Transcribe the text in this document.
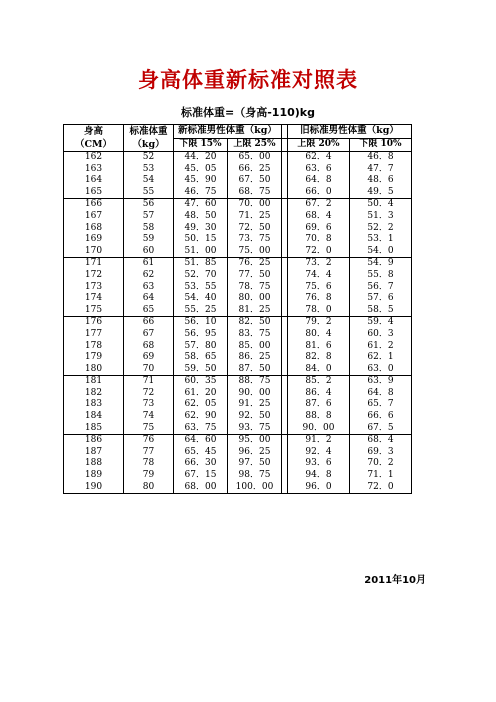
身高体重新标准对照表
标准体重=（身高-110)kg
身高（CM）	标准体重（kg）	新标准男性体重（kg）			旧标准男性体重（kg）	
		下限 15%	上限 25%		上限 20%	下限 10%
162	52	44．20	65．00		62．4	46．8
163	53	45．05	66．25		63．6	47．7
164	54	45．90	67．50		64．8	48．6
165	55	46．75	68．75		66．0	49．5
166	56	47．60	70．00		67．2	50．4
167	57	48．50	71．25		68．4	51．3
168	58	49．30	72．50		69．6	52．2
169	59	50．15	73．75		70．8	53．1
170	60	51．00	75．00		72．0	54．0
171	61	51．85	76．25		73．2	54．9
172	62	52．70	77．50		74．4	55．8
173	63	53．55	78．75		75．6	56．7
174	64	54．40	80．00		76．8	57．6
175	65	55．25	81．25		78．0	58．5
176	66	56．10	82．50		79．2	59．4
177	67	56．95	83．75		80．4	60．3
178	68	57．80	85．00		81．6	61．2
179	69	58．65	86．25		82．8	62．1
180	70	59．50	87．50		84．0	63．0
181	71	60．35	88．75		85．2	63．9
182	72	61．20	90．00		86．4	64．8
183	73	62．05	91．25		87．6	65．7
184	74	62．90	92．50		88．8	66．6
185	75	63．75	93．75		90．00	67．5
186	76	64．60	95．00		91．2	68．4
187	77	65．45	96．25		92．4	69．3
188	78	66．30	97．50		93．6	70．2
189	79	67．15	98．75		94．8	71．1
190	80	68．00	100．00		96．0	72．0
2011年10月
